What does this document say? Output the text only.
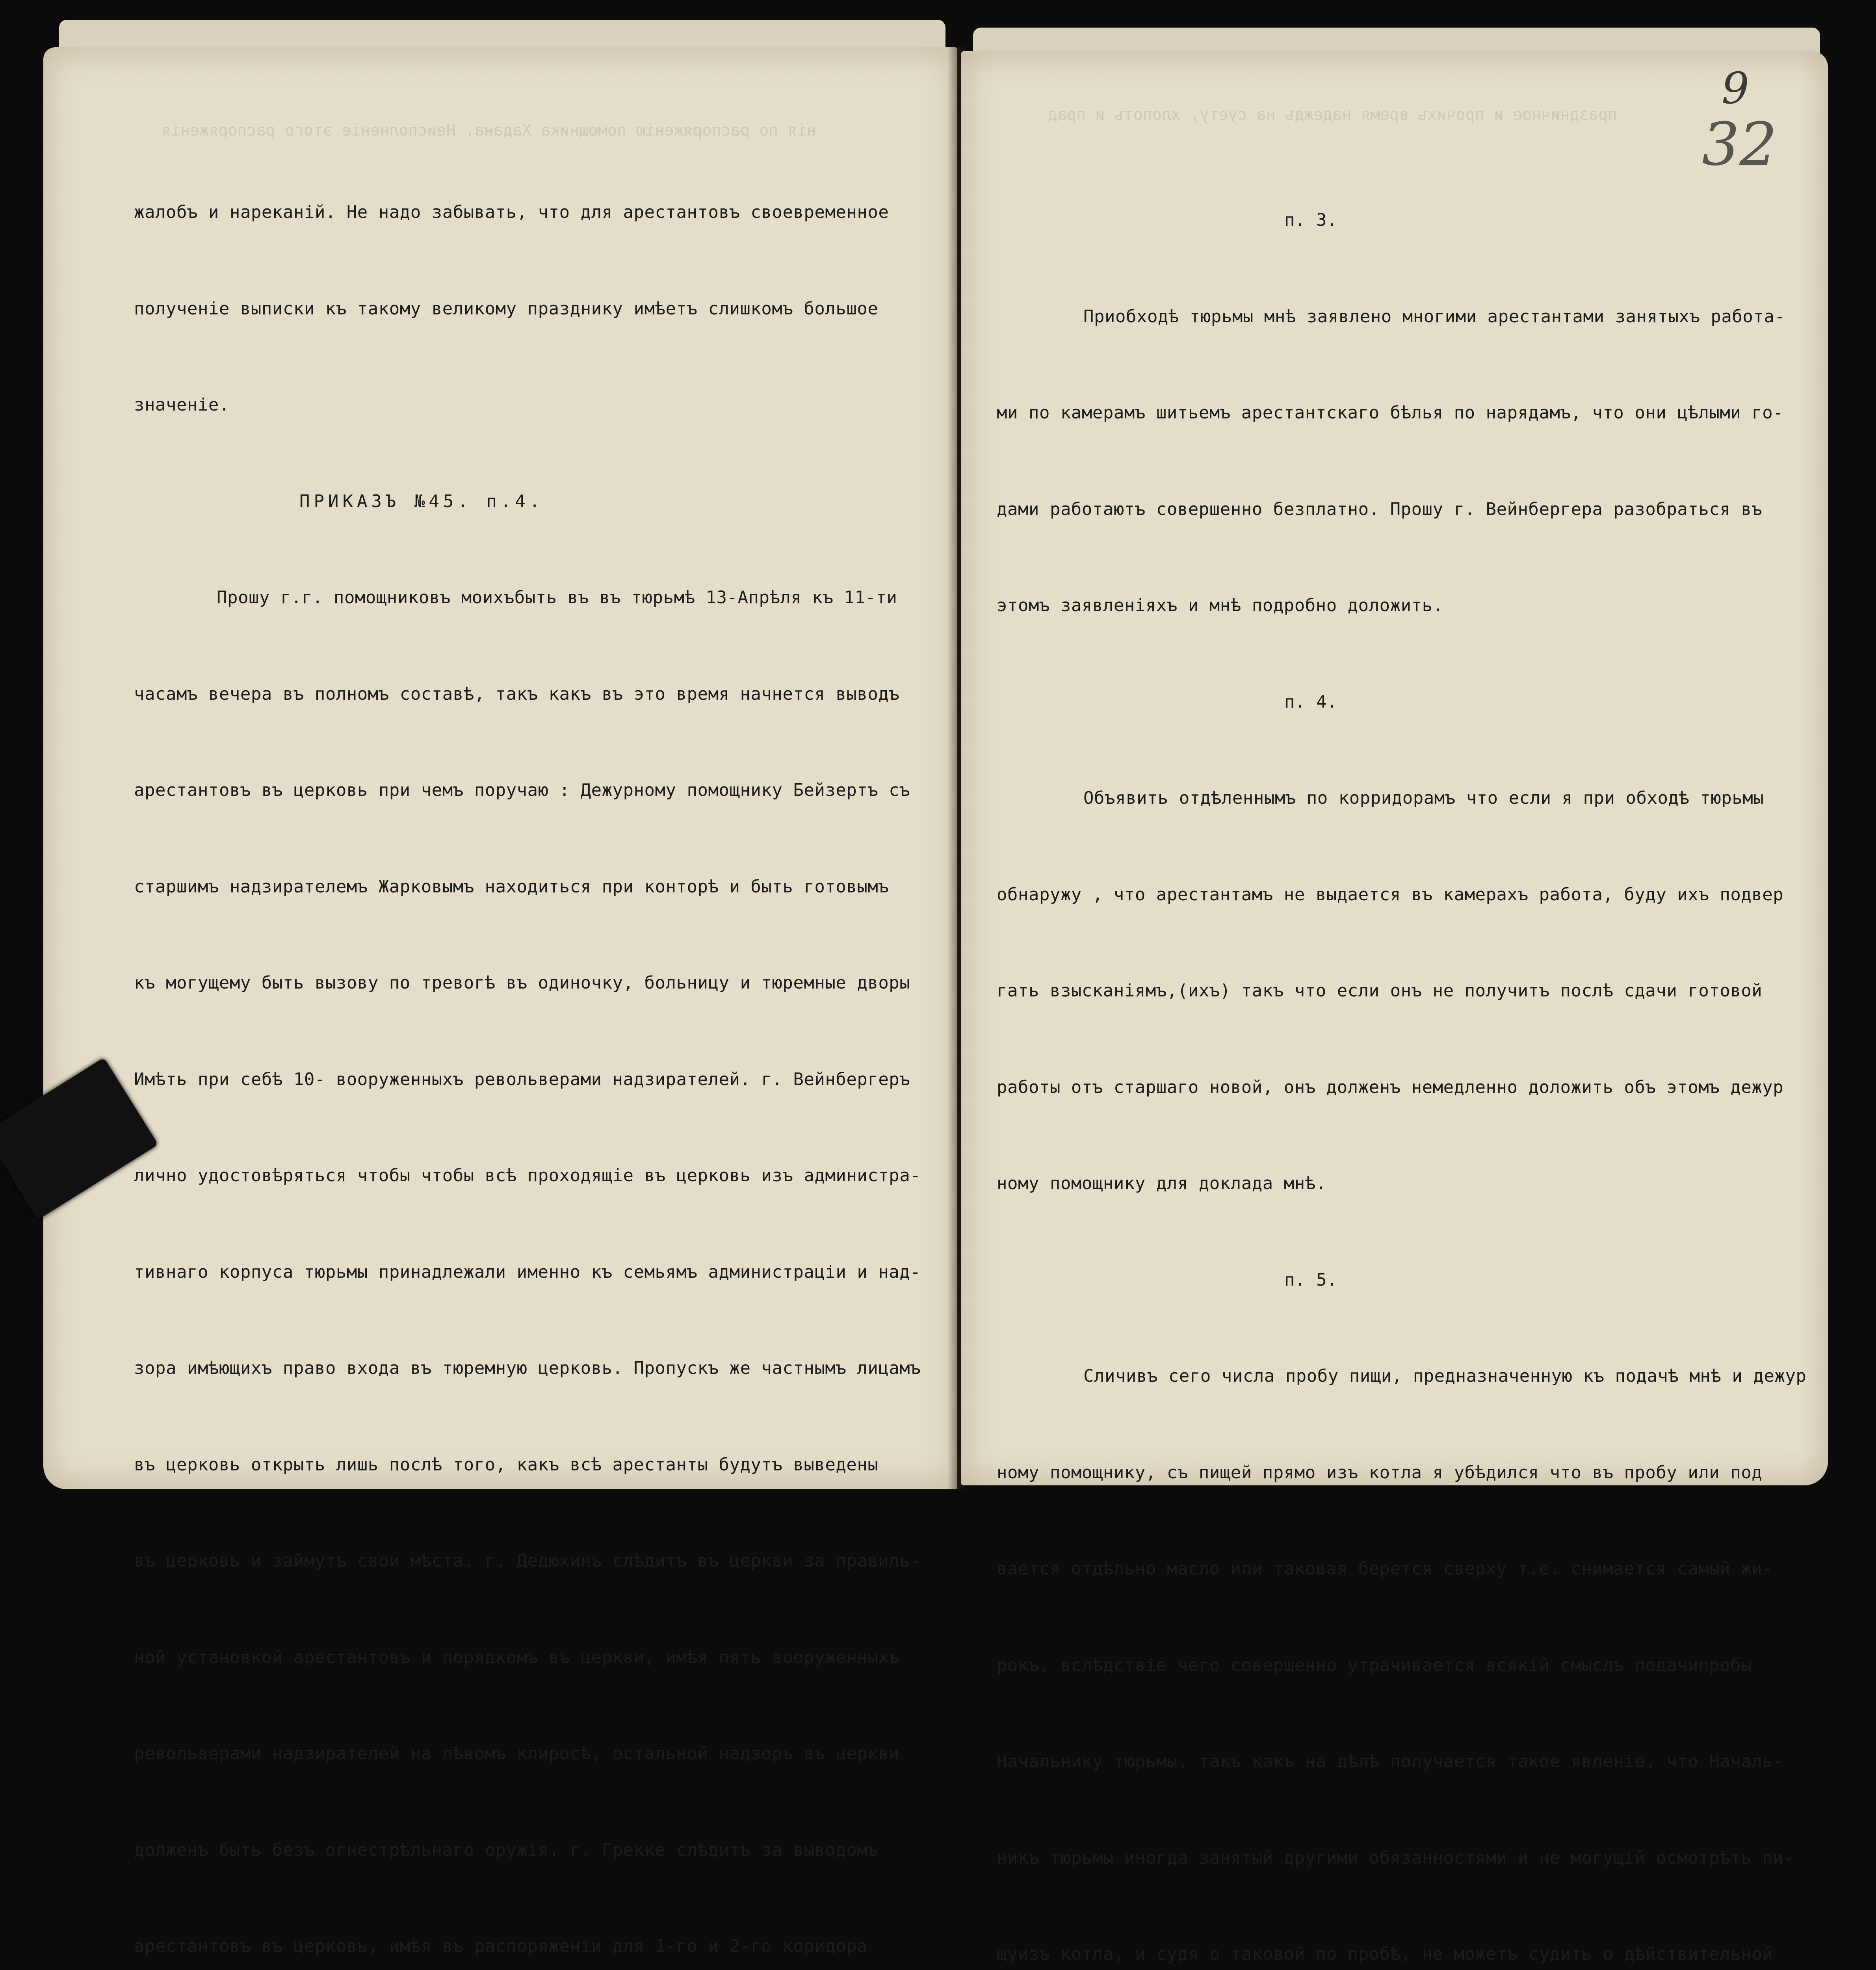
нія по распоряженію помощника Хадана. Неисполненіе этого распоряженія

жалобъ и нареканій. Не надо забывать, что для арестантовъ своевременное

полученіе выписки къ такому великому празднику имѣетъ слишкомъ большое

значеніе.

ПРИКАЗЪ №45. п.4.

Прошу г.г. помощниковъ моихъбыть въ въ тюрьмѣ 13-Апрѣля къ 11-ти

часамъ вечера въ полномъ составѣ, такъ какъ въ это время начнется выводъ

арестантовъ въ церковь при чемъ поручаю : Дежурному помощнику Бейзертъ съ

старшимъ надзирателемъ Жарковымъ находиться при конторѣ и быть готовымъ

къ могущему быть вызову по тревогѣ въ одиночку, больницу и тюремные дворы

Имѣть при себѣ 10- вооруженныхъ револьверами надзирателей. г. Вейнбергеръ

лично удостовѣряться чтобы чтобы всѣ проходящіе въ церковь изъ администра-

тивнаго корпуса тюрьмы принадлежали именно къ семьямъ администраціи и над-

зора имѣющихъ право входа въ тюремную церковь. Пропускъ же частнымъ лицамъ

въ церковь открыть лишь послѣ того, какъ всѣ арестанты будутъ выведены

въ церковь и займутъ свои мѣста. г. Дедюхинъ слѣдитъ въ церкви за правиль-

ной установкой арестантовъ и порядкомъ въ церкви, имѣя пять вооруженныхъ

револьверами надзирателей на лѣвомъ клиросѣ, остальной надзоръ въ церкви

долженъ быть безъ огнестрѣльнаго оружія. г. Грекке слѣдитъ за выводомъ

арестантовъ въ церковь, имѣя въ распоряженіи для 1-го и 2-го коридора

9
32
праздничное и прочихъ время надеждъ на суету, хлопотъ и прад

п. 3.

Приобходѣ тюрьмы мнѣ заявлено многими арестантами занятыхъ работа-

ми по камерамъ шитьемъ арестантскаго бѣлья по нарядамъ, что они цѣлыми го-

дами работаютъ совершенно безплатно. Прошу г. Вейнбергера разобраться въ

этомъ заявленіяхъ и мнѣ подробно доложить.

п. 4.

Объявить отдѣленнымъ по корридорамъ что если я при обходѣ тюрьмы

обнаружу , что арестантамъ не выдается въ камерахъ работа, буду ихъ подвер

гать взысканіямъ,(ихъ) такъ что если онъ не получитъ послѣ сдачи готовой

работы отъ старшаго новой, онъ долженъ немедленно доложить объ этомъ дежур

ному помощнику для доклада мнѣ.

п. 5.

Сличивъ сего числа пробу пищи, предназначенную къ подачѣ мнѣ и дежур

ному помощнику, съ пищей прямо изъ котла я убѣдился что въ пробу или под

вается отдѣльно масло или таковая берется сверху т.е. снимается самый жи-

рокъ, вслѣдствіе чего совершенно утрачивается всякій смыслъ подачипробы

Начальнику тюрьмы, такъ какъ на дѣлѣ получается такое явленіе, что Началь-

никъ тюрьмы иногда занятый другими обязанностями и не могущій осмотрѣть пи-

щуизъ котла, и судя о таковой по пробѣ, не можетъ судить о дѣйствительной
